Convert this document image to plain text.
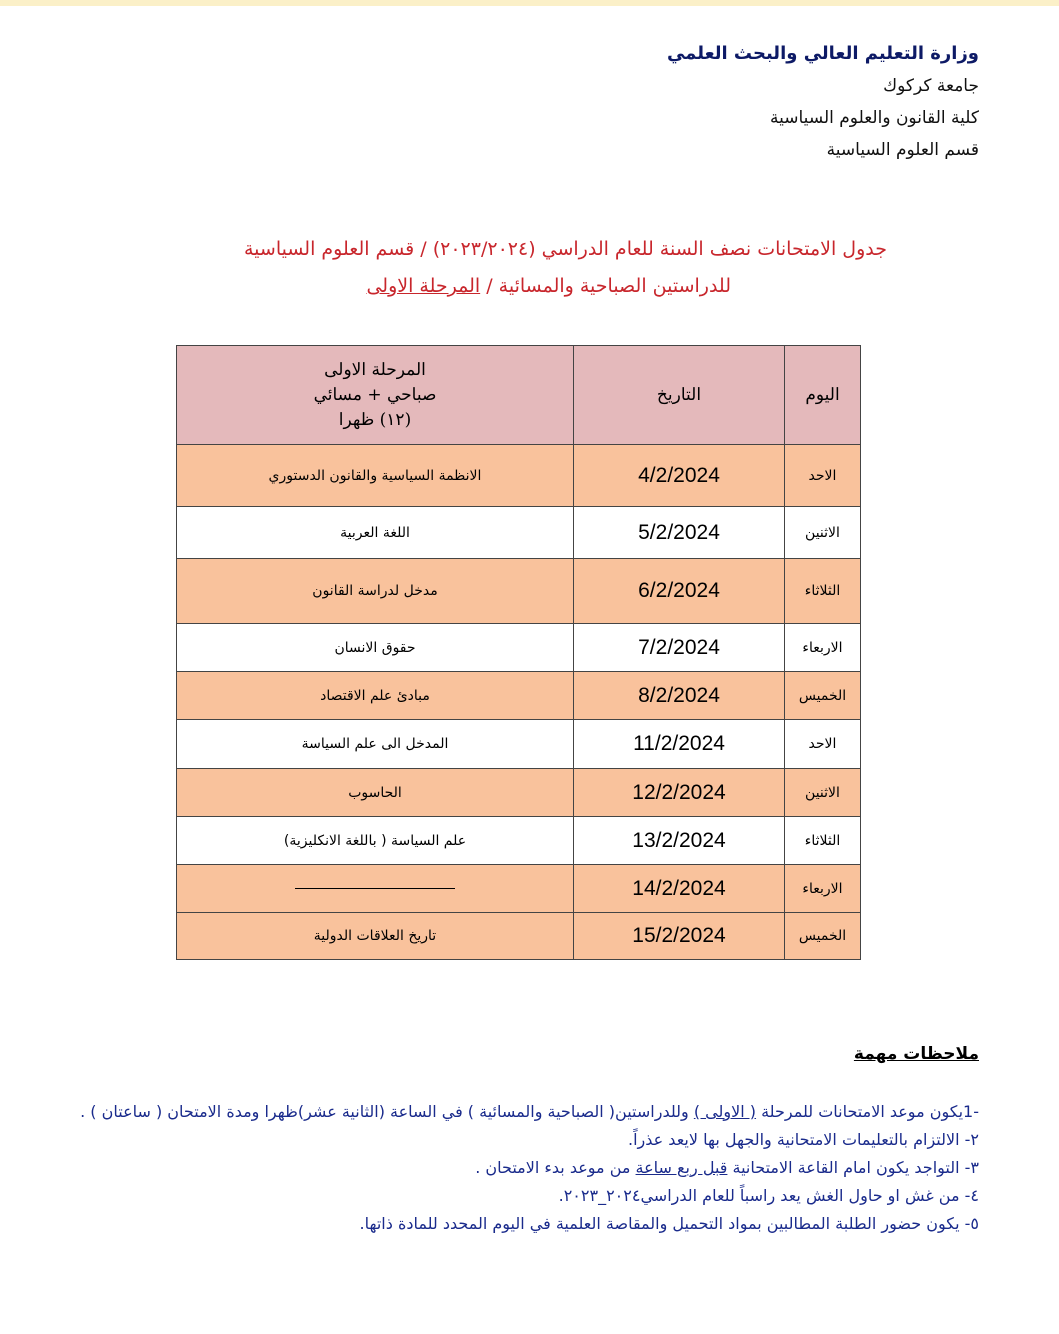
وزارة التعليم العالي والبحث العلمي
جامعة كركوك
كلية القانون والعلوم السياسية
قسم العلوم السياسية
جدول الامتحانات نصف السنة للعام الدراسي (٢٠٢٣/٢٠٢٤) / قسم العلوم السياسية
للدراستين الصباحية والمسائية / المرحلة الاولى
اليوم	التاريخ	المرحلة الاولى
صباحي + مسائي
(١٢) ظهرا

الاحد	4/2/2024	الانظمة السياسية والقانون الدستوري
الاثنين	5/2/2024	اللغة العربية
الثلاثاء	6/2/2024	مدخل لدراسة القانون
الاربعاء	7/2/2024	حقوق الانسان
الخميس	8/2/2024	مبادئ علم الاقتصاد
الاحد	11/2/2024	المدخل الى علم السياسة
الاثنين	12/2/2024	الحاسوب
الثلاثاء	13/2/2024	علم السياسة ( باللغة الانكليزية)
الاربعاء	14/2/2024	
الخميس	15/2/2024	تاريخ العلاقات الدولية
ملاحظات مهمة

-1يكون موعد الامتحانات للمرحلة ( الاولى ) وللدراستين( الصباحية والمسائية ) في الساعة (الثانية عشر)ظهرا ومدة الامتحان ( ساعتان ) .

٢- الالتزام بالتعليمات الامتحانية والجهل بها لايعد عذراً.

٣- التواجد يكون امام القاعة الامتحانية قبل ربع ساعة من موعد بدء الامتحان .

٤- من غش او حاول الغش يعد راسباً للعام الدراسي٢٠٢٤_٢٠٢٣.

٥- يكون حضور الطلبة المطالبين بمواد التحميل والمقاصة العلمية في اليوم المحدد للمادة ذاتها.
